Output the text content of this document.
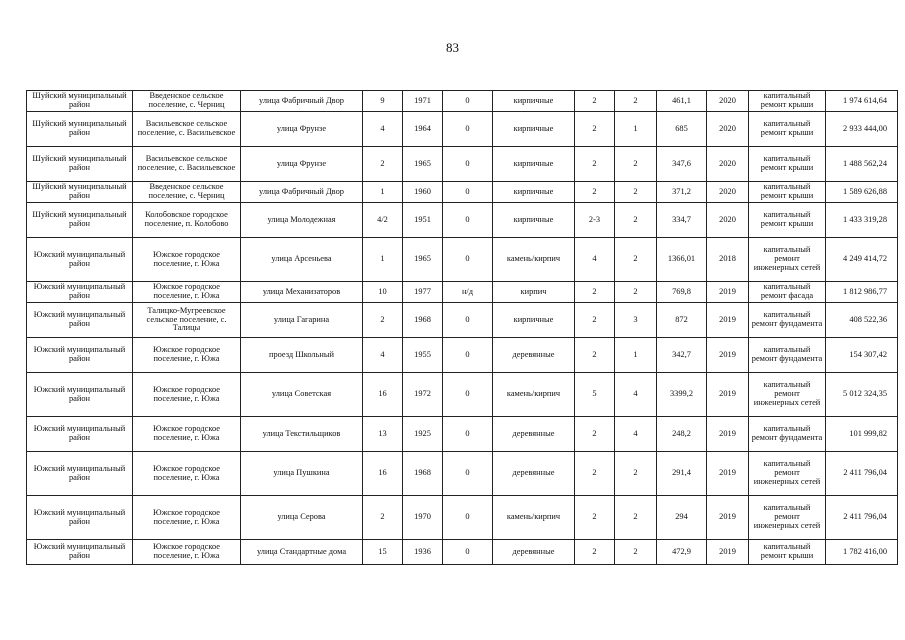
83
Шуйский муниципальный район	Введенское сельское поселение, с. Черниц	улица Фабричный Двор	9	1971	0	кирпичные	2	2	461,1	2020	капитальный ремонт крыши	1 974 614,64
Шуйский муниципальный район	Васильевское сельское поселение, с. Васильевское	улица Фрунзе	4	1964	0	кирпичные	2	1	685	2020	капитальный ремонт крыши	2 933 444,00
Шуйский муниципальный район	Васильевское сельское поселение, с. Васильевское	улица Фрунзе	2	1965	0	кирпичные	2	2	347,6	2020	капитальный ремонт крыши	1 488 562,24
Шуйский муниципальный район	Введенское сельское поселение, с. Черниц	улица Фабричный Двор	1	1960	0	кирпичные	2	2	371,2	2020	капитальный ремонт крыши	1 589 626,88
Шуйский муниципальный район	Колобовское городское поселение, п. Колобово	улица Молодежная	4/2	1951	0	кирпичные	2-3	2	334,7	2020	капитальный ремонт крыши	1 433 319,28
Южский муниципальный район	Южское городское поселение, г. Южа	улица Арсеньева	1	1965	0	камень/кирпич	4	2	1366,01	2018	капитальный ремонт инженерных сетей	4 249 414,72
Южский муниципальный район	Южское городское поселение, г. Южа	улица Механизаторов	10	1977	н/д	кирпич	2	2	769,8	2019	капитальный ремонт фасада	1 812 986,77
Южский муниципальный район	Талицко-Мугреевское сельское поселение, с. Талицы	улица Гагарина	2	1968	0	кирпичные	2	3	872	2019	капитальный ремонт фундамента	408 522,36
Южский муниципальный район	Южское городское поселение, г. Южа	проезд Школьный	4	1955	0	деревянные	2	1	342,7	2019	капитальный ремонт фундамента	154 307,42
Южский муниципальный район	Южское городское поселение, г. Южа	улица Советская	16	1972	0	камень/кирпич	5	4	3399,2	2019	капитальный ремонт инженерных сетей	5 012 324,35
Южский муниципальный район	Южское городское поселение, г. Южа	улица Текстильщиков	13	1925	0	деревянные	2	4	248,2	2019	капитальный ремонт фундамента	101 999,82
Южский муниципальный район	Южское городское поселение, г. Южа	улица Пушкина	16	1968	0	деревянные	2	2	291,4	2019	капитальный ремонт инженерных сетей	2 411 796,04
Южский муниципальный район	Южское городское поселение, г. Южа	улица Серова	2	1970	0	камень/кирпич	2	2	294	2019	капитальный ремонт инженерных сетей	2 411 796,04
Южский муниципальный район	Южское городское поселение, г. Южа	улица Стандартные дома	15	1936	0	деревянные	2	2	472,9	2019	капитальный ремонт крыши	1 782 416,00
